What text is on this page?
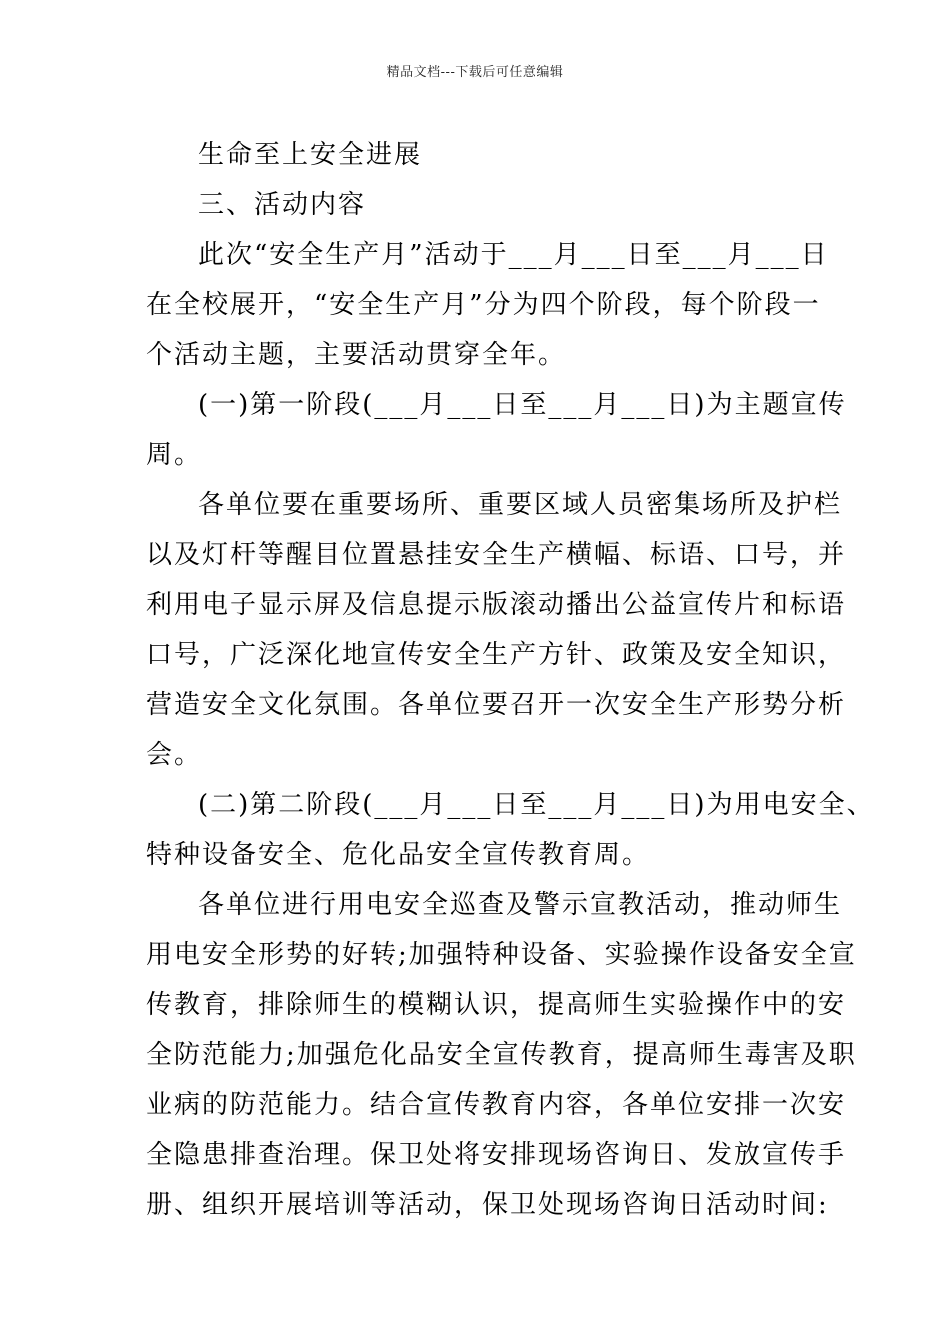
精品文档---下载后可任意编辑
生命至上安全进展
三、活动内容
此次“安全生产月”活动于___月___日至___月___日
在全校展开，“安全生产月”分为四个阶段，每个阶段一
个活动主题，主要活动贯穿全年。
(一)第一阶段(___月___日至___月___日)为主题宣传
周。
各单位要在重要场所、重要区域人员密集场所及护栏
以及灯杆等醒目位置悬挂安全生产横幅、标语、口号，并
利用电子显示屏及信息提示版滚动播出公益宣传片和标语
口号，广泛深化地宣传安全生产方针、政策及安全知识，
营造安全文化氛围。各单位要召开一次安全生产形势分析
会。
(二)第二阶段(___月___日至___月___日)为用电安全、
特种设备安全、危化品安全宣传教育周。
各单位进行用电安全巡查及警示宣教活动，推动师生
用电安全形势的好转;加强特种设备、实验操作设备安全宣
传教育，排除师生的模糊认识，提高师生实验操作中的安
全防范能力;加强危化品安全宣传教育，提高师生毒害及职
业病的防范能力。结合宣传教育内容，各单位安排一次安
全隐患排查治理。保卫处将安排现场咨询日、发放宣传手
册、组织开展培训等活动，保卫处现场咨询日活动时间:
